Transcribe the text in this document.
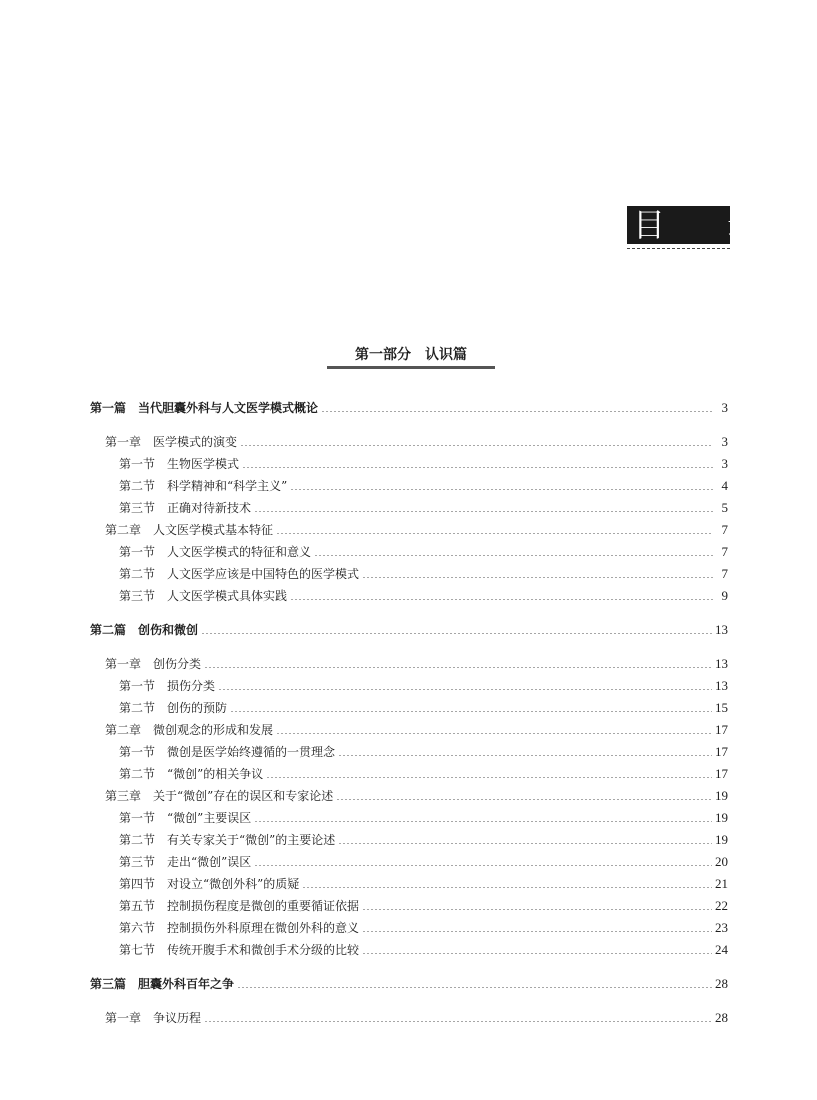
目 录
第一部分　认识篇
第一篇　当代胆囊外科与人文医学模式概论	3
第一章　医学模式的演变	3
第一节　生物医学模式	3
第二节　科学精神和“科学主义”	4
第三节　正确对待新技术	5
第二章　人文医学模式基本特征	7
第一节　人文医学模式的特征和意义	7
第二节　人文医学应该是中国特色的医学模式	7
第三节　人文医学模式具体实践	9
第二篇　创伤和微创	13
第一章　创伤分类	13
第一节　损伤分类	13
第二节　创伤的预防	15
第二章　微创观念的形成和发展	17
第一节　微创是医学始终遵循的一贯理念	17
第二节　“微创”的相关争议	17
第三章　关于“微创”存在的误区和专家论述	19
第一节　“微创”主要误区	19
第二节　有关专家关于“微创”的主要论述	19
第三节　走出“微创”误区	20
第四节　对设立“微创外科”的质疑	21
第五节　控制损伤程度是微创的重要循证依据	22
第六节　控制损伤外科原理在微创外科的意义	23
第七节　传统开腹手术和微创手术分级的比较	24
第三篇　胆囊外科百年之争	28
第一章　争议历程	28
